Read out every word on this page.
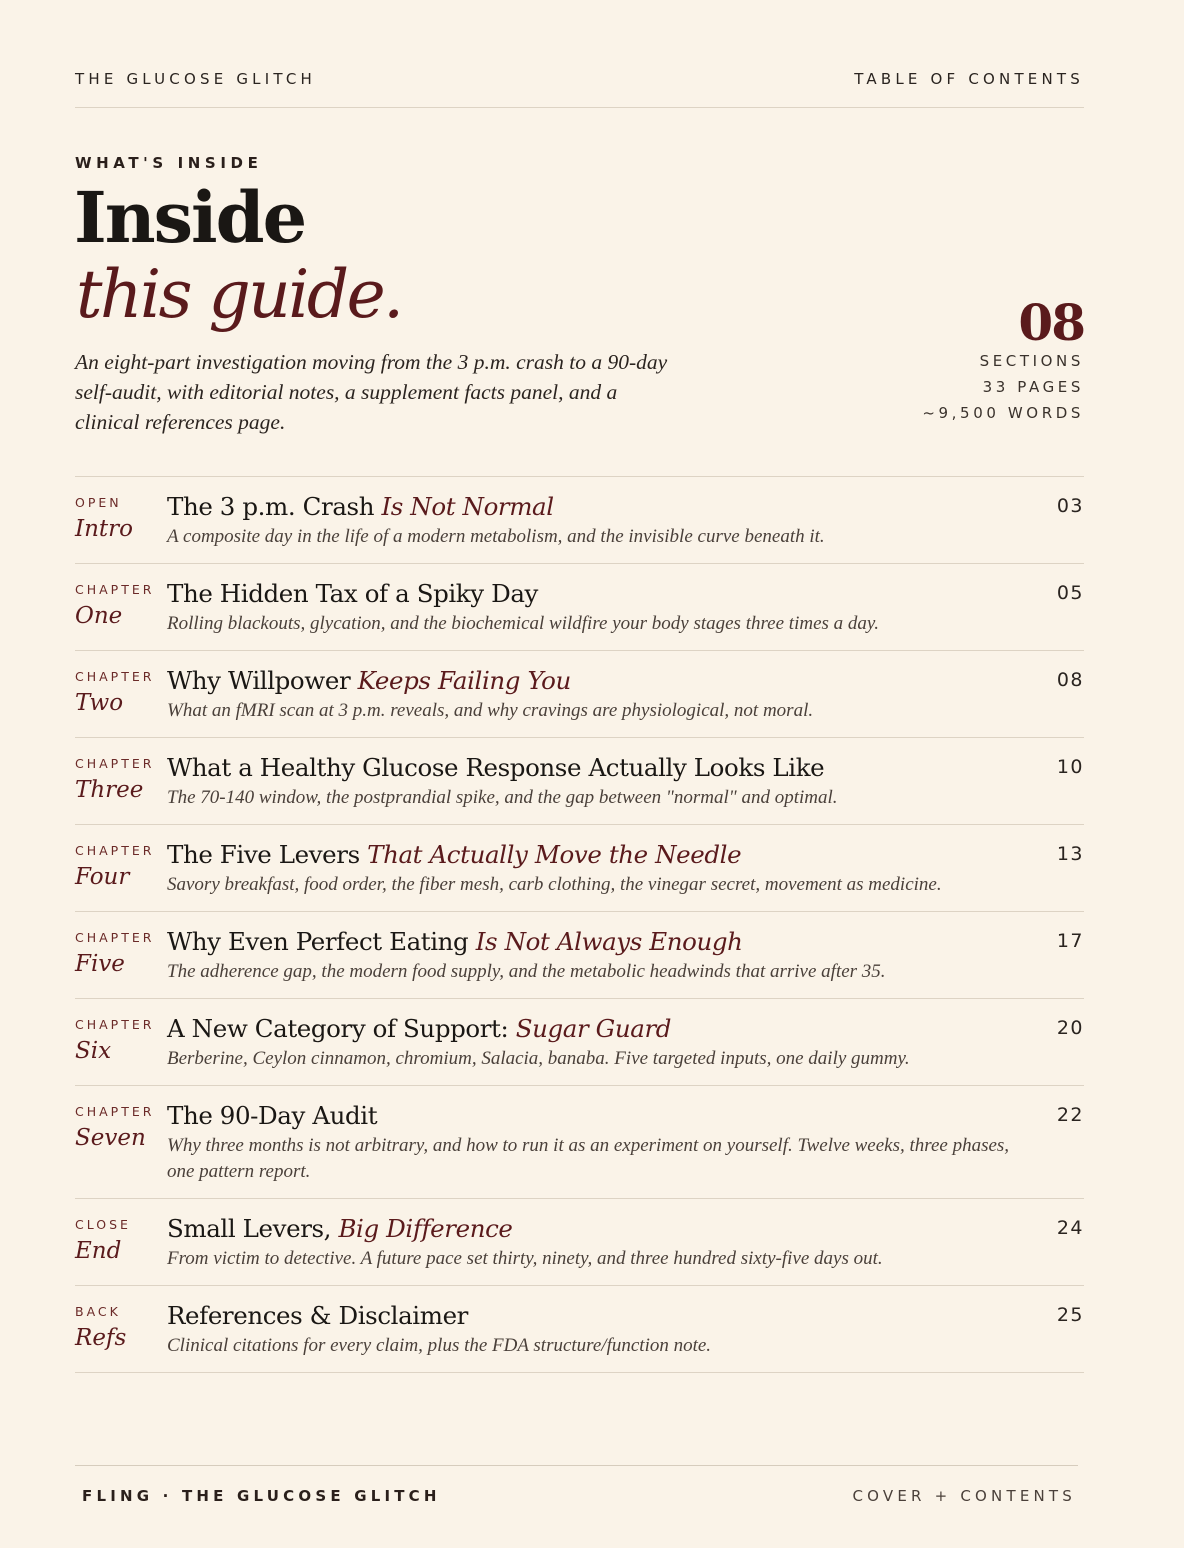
THE GLUCOSE GLITCH	TABLE OF CONTENTS
WHAT'S INSIDE
Inside
this guide.

An eight-part investigation moving from the 3 p.m. crash to a 90-day self-audit, with editorial notes, a supplement facts panel, and a clinical references page.

08
SECTIONS
33 PAGES
~9,500 WORDS
OPEN
Intro
The 3 p.m. Crash Is Not Normal
A composite day in the life of a modern metabolism, and the invisible curve beneath it.
03
CHAPTER
One
The Hidden Tax of a Spiky Day
Rolling blackouts, glycation, and the biochemical wildfire your body stages three times a day.
05
CHAPTER
Two
Why Willpower Keeps Failing You
What an fMRI scan at 3 p.m. reveals, and why cravings are physiological, not moral.
08
CHAPTER
Three
What a Healthy Glucose Response Actually Looks Like
The 70-140 window, the postprandial spike, and the gap between "normal" and optimal.
10
CHAPTER
Four
The Five Levers That Actually Move the Needle
Savory breakfast, food order, the fiber mesh, carb clothing, the vinegar secret, movement as medicine.
13
CHAPTER
Five
Why Even Perfect Eating Is Not Always Enough
The adherence gap, the modern food supply, and the metabolic headwinds that arrive after 35.
17
CHAPTER
Six
A New Category of Support: Sugar Guard
Berberine, Ceylon cinnamon, chromium, Salacia, banaba. Five targeted inputs, one daily gummy.
20
CHAPTER
Seven
The 90-Day Audit
Why three months is not arbitrary, and how to run it as an experiment on yourself. Twelve weeks, three phases, one pattern report.
22
CLOSE
End
Small Levers, Big Difference
From victim to detective. A future pace set thirty, ninety, and three hundred sixty-five days out.
24
BACK
Refs
References & Disclaimer
Clinical citations for every claim, plus the FDA structure/function note.
25
FLING · THE GLUCOSE GLITCH	COVER + CONTENTS
